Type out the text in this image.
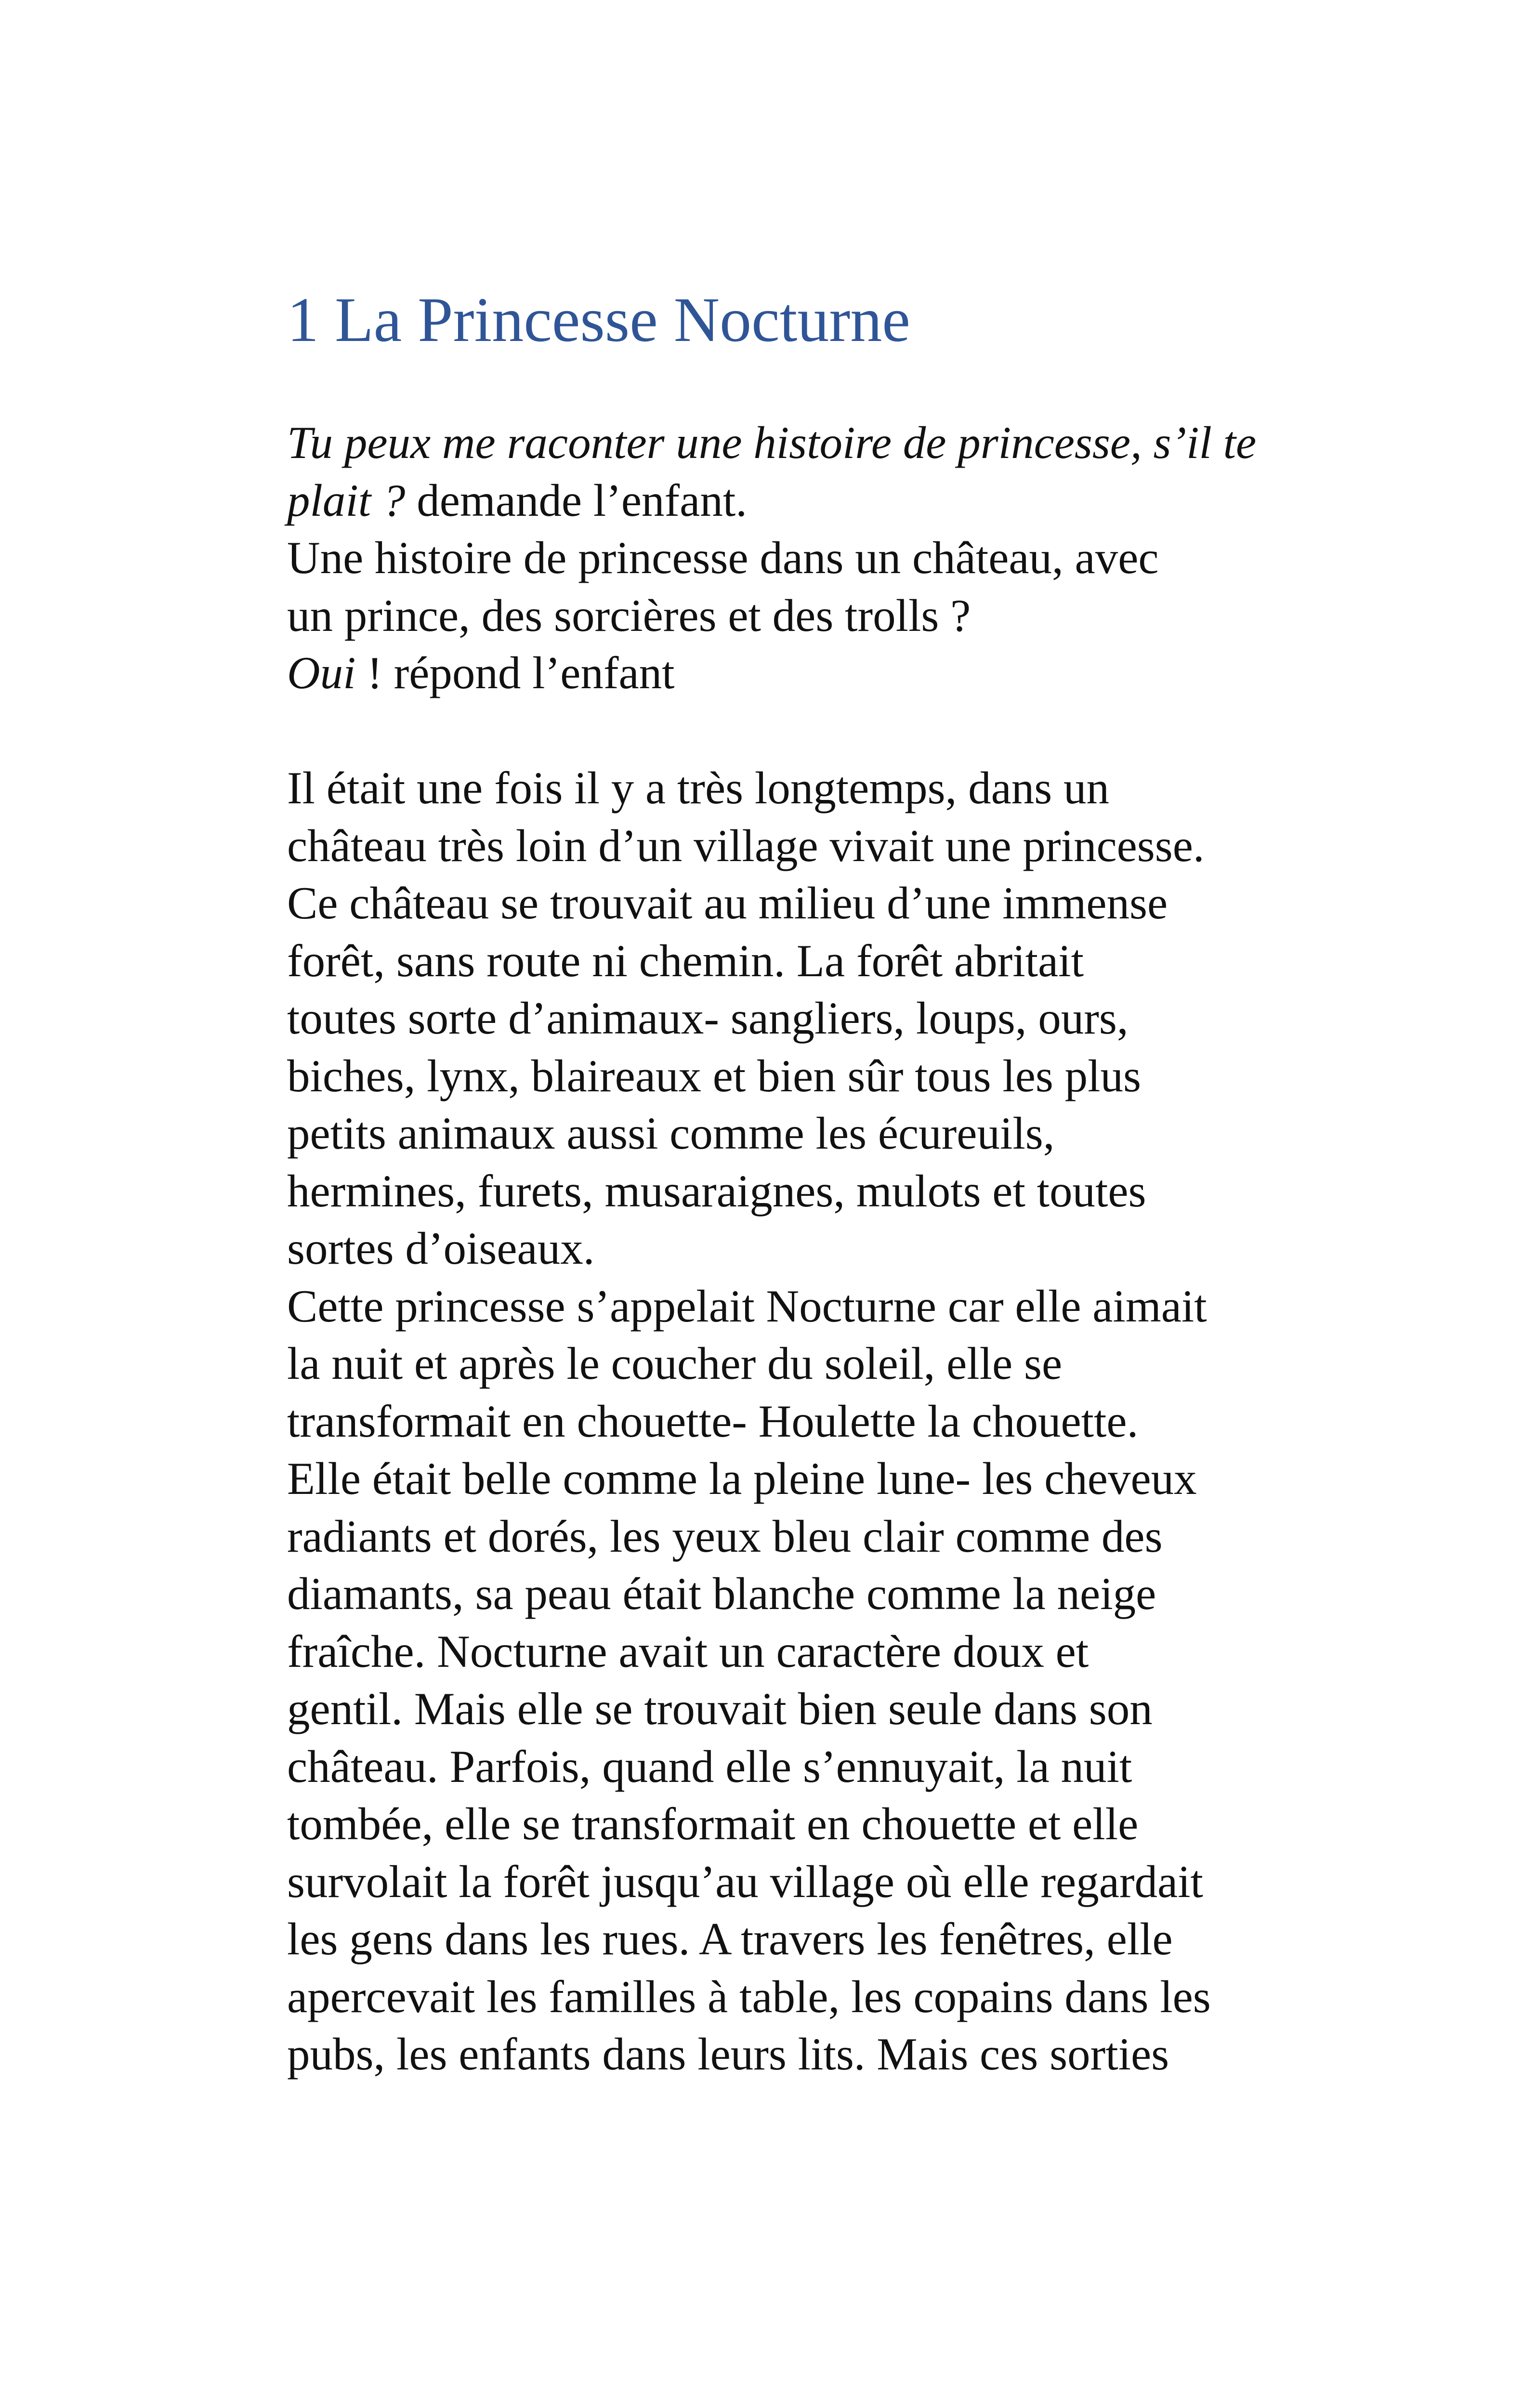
1 La Princesse Nocturne
Tu peux me raconter une histoire de princesse, s’il te
plait ? demande l’enfant.
Une histoire de princesse dans un château, avec
un prince, des sorcières et des trolls ?
Oui ! répond l’enfant
Il était une fois il y a très longtemps, dans un
château très loin d’un village vivait une princesse.
Ce château se trouvait au milieu d’une immense
forêt, sans route ni chemin. La forêt abritait
toutes sorte d’animaux- sangliers, loups, ours,
biches, lynx, blaireaux et bien sûr tous les plus
petits animaux aussi comme les écureuils,
hermines, furets, musaraignes, mulots et toutes
sortes d’oiseaux.
Cette princesse s’appelait Nocturne car elle aimait
la nuit et après le coucher du soleil, elle se
transformait en chouette- Houlette la chouette.
Elle était belle comme la pleine lune- les cheveux
radiants et dorés, les yeux bleu clair comme des
diamants, sa peau était blanche comme la neige
fraîche. Nocturne avait un caractère doux et
gentil. Mais elle se trouvait bien seule dans son
château. Parfois, quand elle s’ennuyait, la nuit
tombée, elle se transformait en chouette et elle
survolait la forêt jusqu’au village où elle regardait
les gens dans les rues. A travers les fenêtres, elle
apercevait les familles à table, les copains dans les
pubs, les enfants dans leurs lits. Mais ces sorties
